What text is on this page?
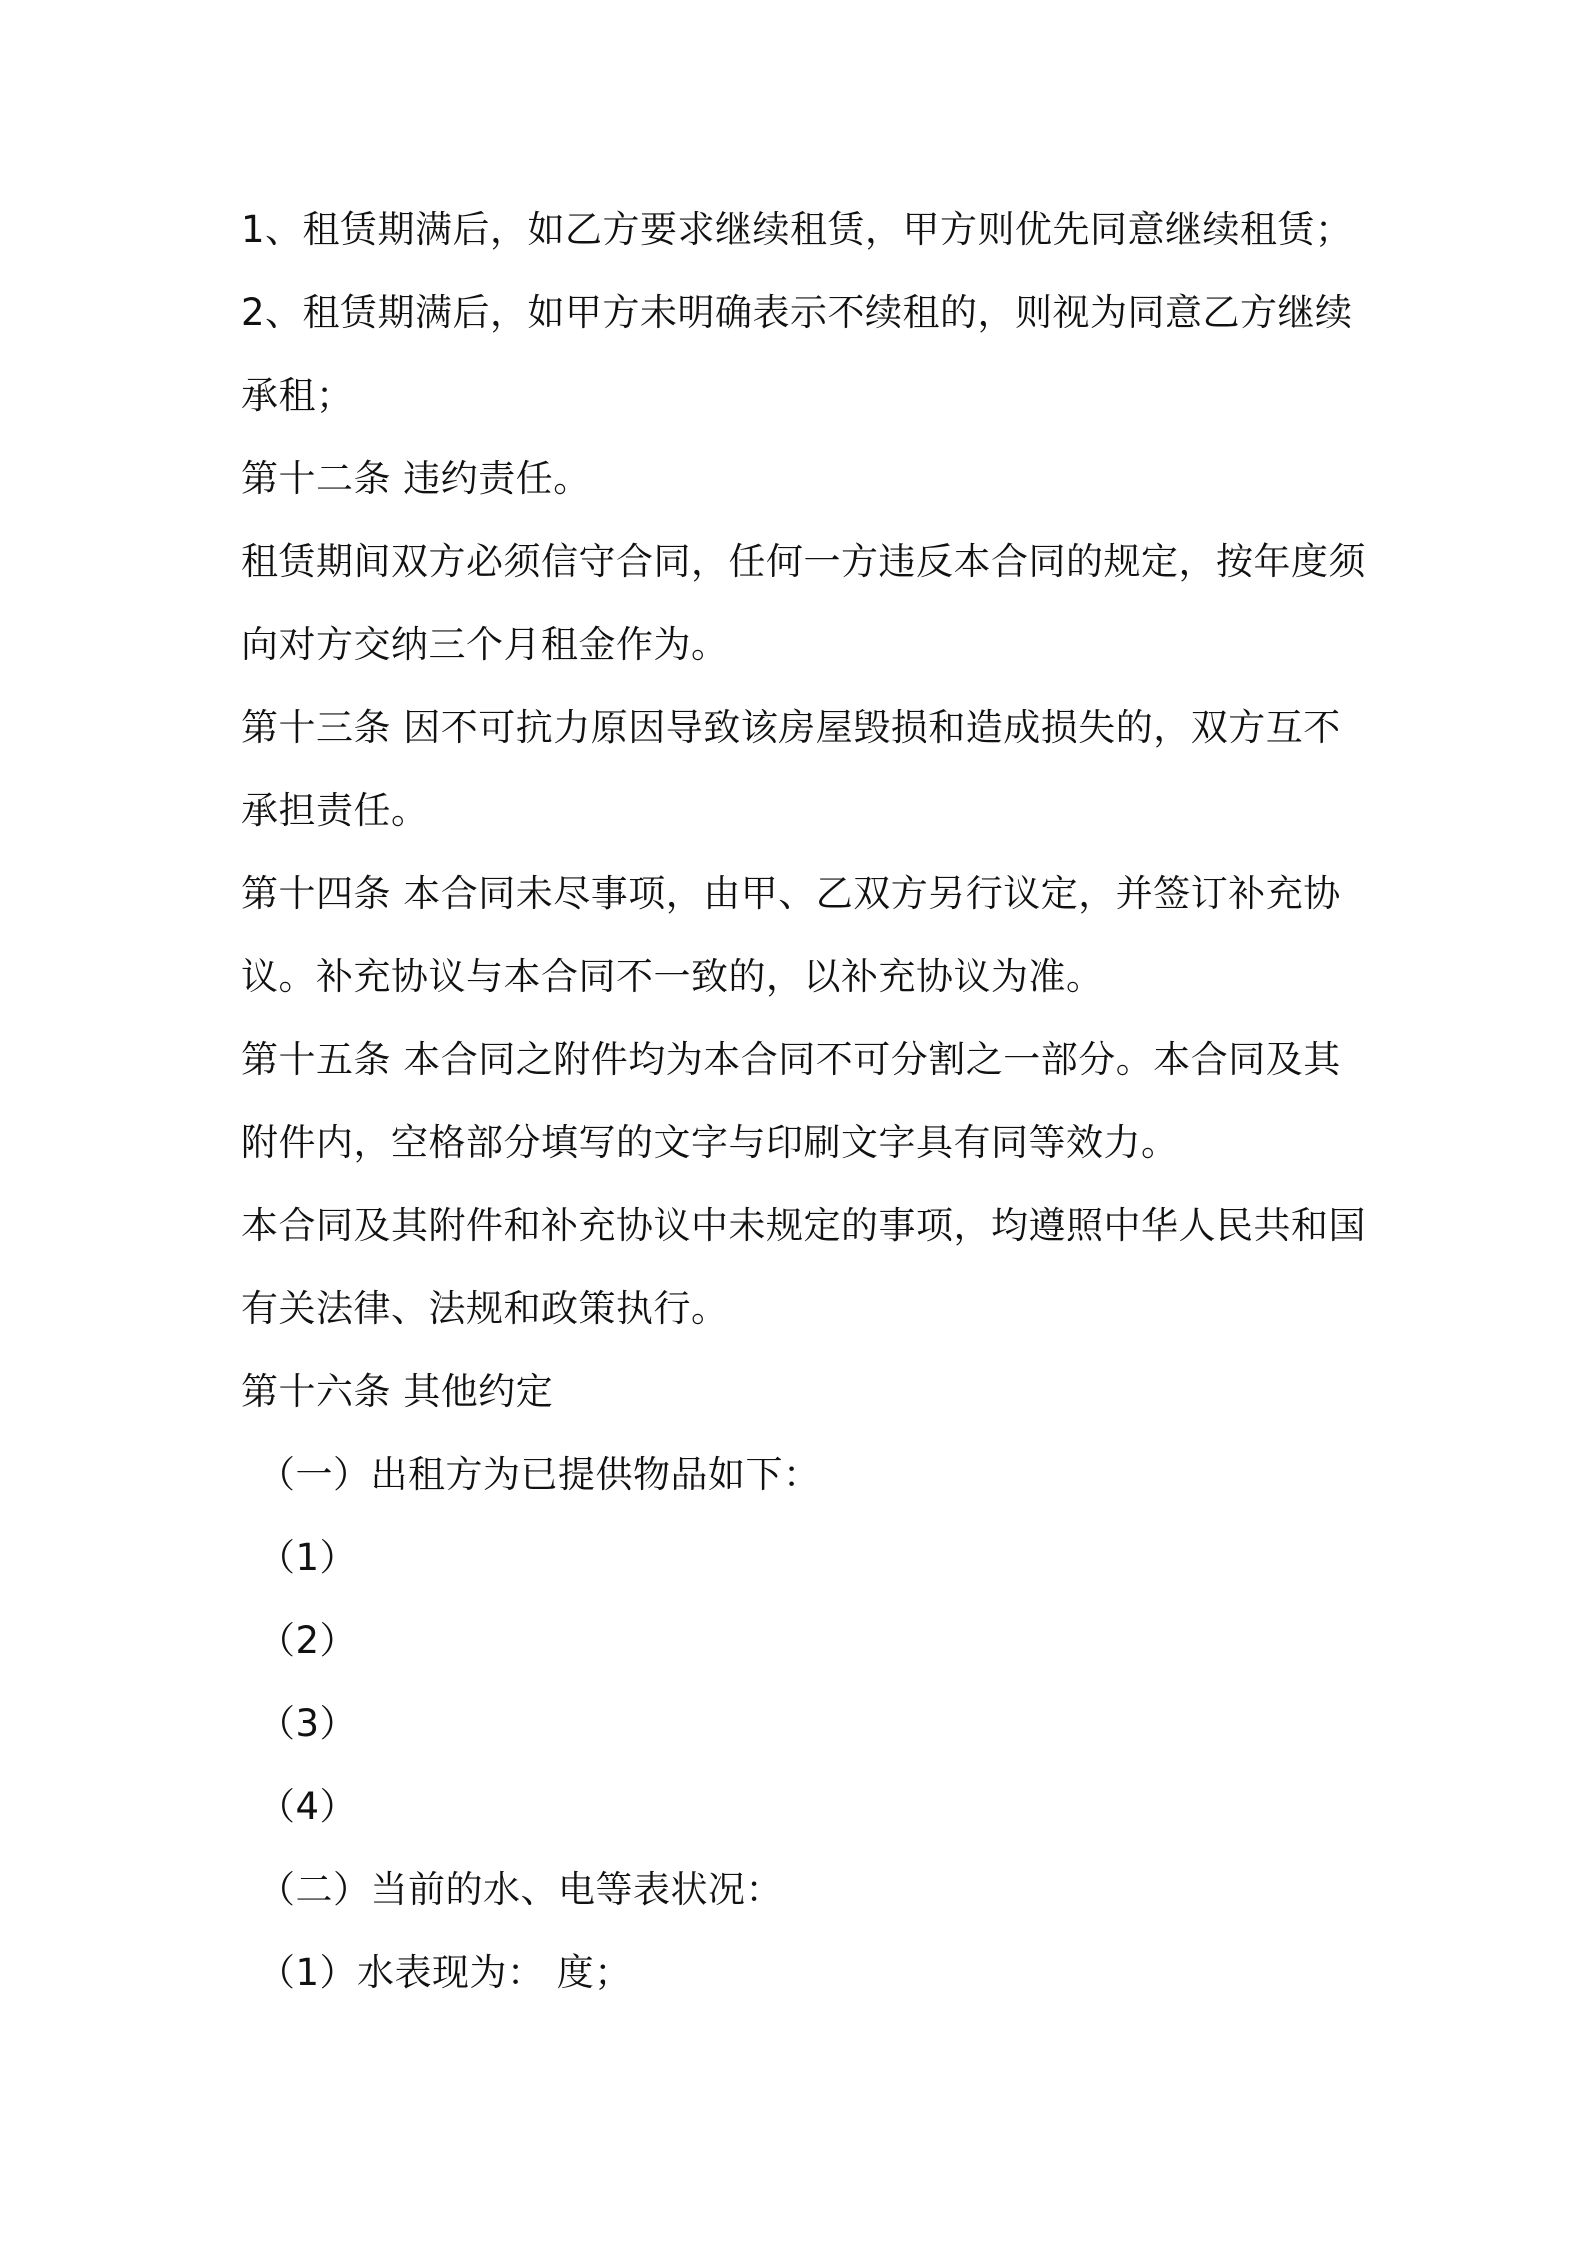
1、租赁期满后，如乙方要求继续租赁，甲方则优先同意继续租赁；
2、租赁期满后，如甲方未明确表示不续租的，则视为同意乙方继续
承租；
第十二条 违约责任。
租赁期间双方必须信守合同，任何一方违反本合同的规定，按年度须
向对方交纳三个月租金作为。
第十三条 因不可抗力原因导致该房屋毁损和造成损失的，双方互不
承担责任。
第十四条 本合同未尽事项，由甲、乙双方另行议定，并签订补充协
议。补充协议与本合同不一致的，以补充协议为准。
第十五条 本合同之附件均为本合同不可分割之一部分。本合同及其
附件内，空格部分填写的文字与印刷文字具有同等效力。
本合同及其附件和补充协议中未规定的事项，均遵照中华人民共和国
有关法律、法规和政策执行。
第十六条 其他约定
（一）出租方为已提供物品如下：
（1）
（2）
（3）
（4）
（二）当前的水、电等表状况：
（1）水表现为： 度；
